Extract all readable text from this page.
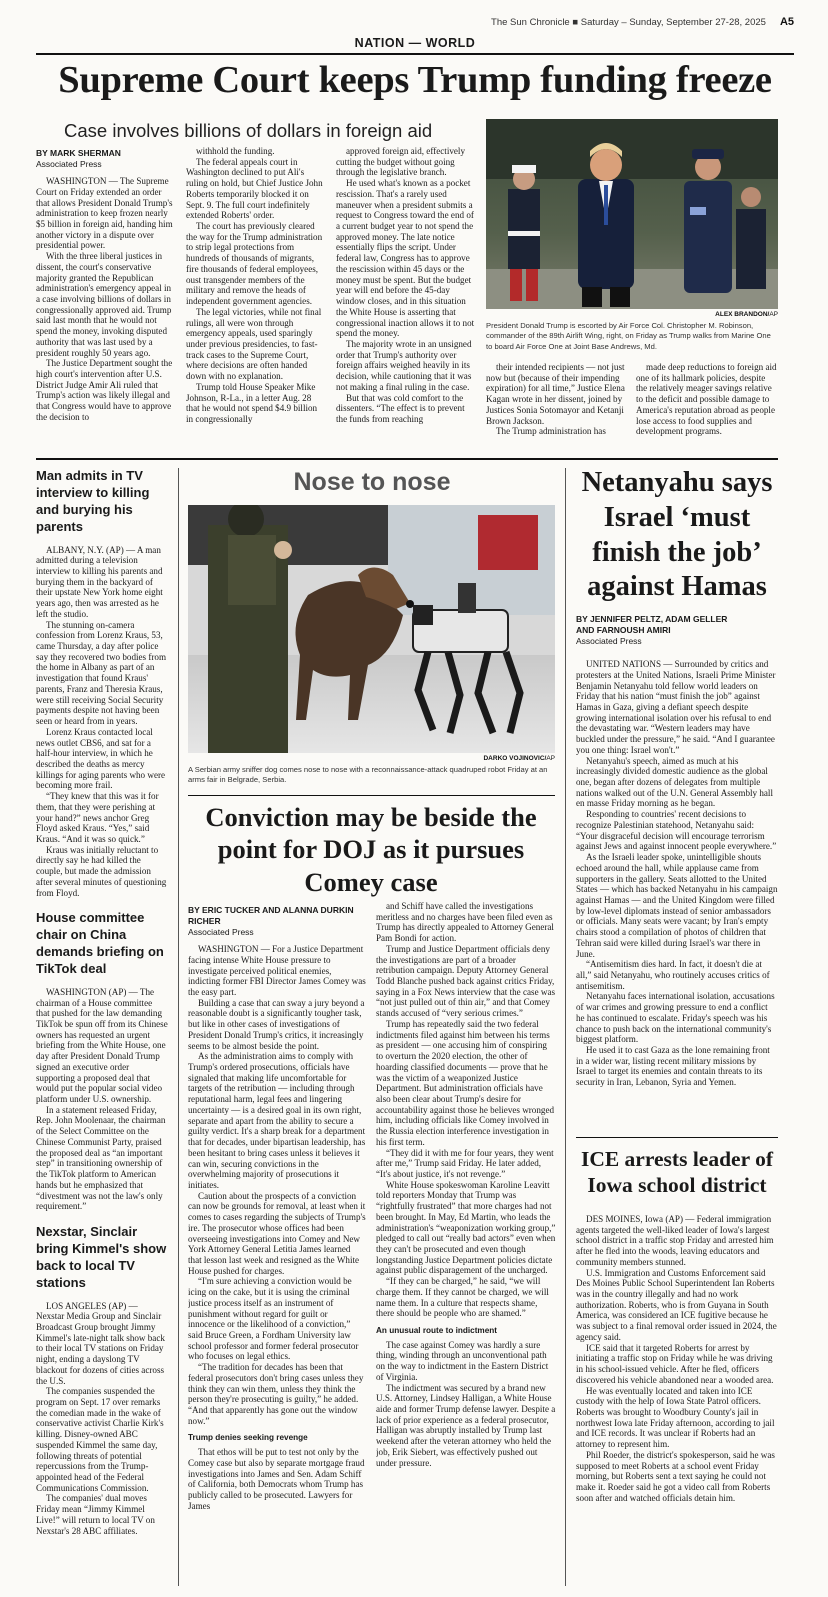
The Sun Chronicle ■ Saturday – Sunday, September 27-28, 2025 A5
NATION — WORLD
Supreme Court keeps Trump funding freeze
Case involves billions of dollars in foreign aid
BY MARK SHERMAN
Associated Press

WASHINGTON — The Supreme Court on Friday extended an order that allows President Donald Trump's administration to keep frozen nearly $5 billion in foreign aid, handing him another victory in a dispute over presidential power.

With the three liberal justices in dissent, the court's conservative majority granted the Republican administration's emergency appeal in a case involving billions of dollars in congressionally approved aid. Trump said last month that he would not spend the money, invoking disputed authority that was last used by a president roughly 50 years ago.

The Justice Department sought the high court's intervention after U.S. District Judge Amir Ali ruled that Trump's action was likely illegal and that Congress would have to approve the decision to

withhold the funding.

The federal appeals court in Washington declined to put Ali's ruling on hold, but Chief Justice John Roberts temporarily blocked it on Sept. 9. The full court indefinitely extended Roberts' order.

The court has previously cleared the way for the Trump administration to strip legal protections from hundreds of thousands of migrants, fire thousands of federal employees, oust transgender members of the military and remove the heads of independent government agencies.

The legal victories, while not final rulings, all were won through emergency appeals, used sparingly under previous presidencies, to fast-track cases to the Supreme Court, where decisions are often handed down with no explanation.

Trump told House Speaker Mike Johnson, R-La., in a letter Aug. 28 that he would not spend $4.9 billion in congressionally

approved foreign aid, effectively cutting the budget without going through the legislative branch.

He used what's known as a pocket rescission. That's a rarely used maneuver when a president submits a request to Congress toward the end of a current budget year to not spend the approved money. The late notice essentially flips the script. Under federal law, Congress has to approve the rescission within 45 days or the money must be spent. But the budget year will end before the 45-day window closes, and in this situation the White House is asserting that congressional inaction allows it to not spend the money.

The majority wrote in an unsigned order that Trump's authority over foreign affairs weighed heavily in its decision, while cautioning that it was not making a final ruling in the case.

But that was cold comfort to the dissenters. “The effect is to prevent the funds from reaching

ALEX BRANDON/AP
President Donald Trump is escorted by Air Force Col. Christopher M. Robinson, commander of the 89th Airlift Wing, right, on Friday as Trump walks from Marine One to board Air Force One at Joint Base Andrews, Md.

their intended recipients — not just now but (because of their impending expiration) for all time,” Justice Elena Kagan wrote in her dissent, joined by Justices Sonia Sotomayor and Ketanji Brown Jackson.

The Trump administration has

made deep reductions to foreign aid one of its hallmark policies, despite the relatively meager savings relative to the deficit and possible damage to America's reputation abroad as people lose access to food supplies and development programs.

Man admits in TV interview to killing and burying his parents

ALBANY, N.Y. (AP) — A man admitted during a television interview to killing his parents and burying them in the backyard of their upstate New York home eight years ago, then was arrested as he left the studio.

The stunning on-camera confession from Lorenz Kraus, 53, came Thursday, a day after police say they recovered two bodies from the home in Albany as part of an investigation that found Kraus' parents, Franz and Theresia Kraus, were still receiving Social Security payments despite not having been seen or heard from in years.

Lorenz Kraus contacted local news outlet CBS6, and sat for a half-hour interview, in which he described the deaths as mercy killings for aging parents who were becoming more frail.

“They knew that this was it for them, that they were perishing at your hand?” news anchor Greg Floyd asked Kraus. “Yes,” said Kraus. “And it was so quick.”

Kraus was initially reluctant to directly say he had killed the couple, but made the admission after several minutes of questioning from Floyd.

House committee chair on China demands briefing on TikTok deal

WASHINGTON (AP) — The chairman of a House committee that pushed for the law demanding TikTok be spun off from its Chinese owners has requested an urgent briefing from the White House, one day after President Donald Trump signed an executive order supporting a proposed deal that would put the popular social video platform under U.S. ownership.

In a statement released Friday, Rep. John Moolenaar, the chairman of the Select Committee on the Chinese Communist Party, praised the proposed deal as “an important step” in transitioning ownership of the TikTok platform to American hands but he emphasized that “divestment was not the law's only requirement.”

Nexstar, Sinclair bring Kimmel's show back to local TV stations

LOS ANGELES (AP) — Nexstar Media Group and Sinclair Broadcast Group brought Jimmy Kimmel's late-night talk show back to their local TV stations on Friday night, ending a dayslong TV blackout for dozens of cities across the U.S.

The companies suspended the program on Sept. 17 over remarks the comedian made in the wake of conservative activist Charlie Kirk's killing. Disney-owned ABC suspended Kimmel the same day, following threats of potential repercussions from the Trump-appointed head of the Federal Communications Commission.

The companies' dual moves Friday mean “Jimmy Kimmel Live!” will return to local TV on Nexstar's 28 ABC affiliates.

Nose to nose
DARKO VOJINOVIC/AP
A Serbian army sniffer dog comes nose to nose with a reconnaissance-attack quadruped robot Friday at an arms fair in Belgrade, Serbia.
Conviction may be beside the point for DOJ as it pursues Comey case
BY ERIC TUCKER AND ALANNA DURKIN RICHER
Associated Press

WASHINGTON — For a Justice Department facing intense White House pressure to investigate perceived political enemies, indicting former FBI Director James Comey was the easy part.

Building a case that can sway a jury beyond a reasonable doubt is a significantly tougher task, but like in other cases of investigations of President Donald Trump's critics, it increasingly seems to be almost beside the point.

As the administration aims to comply with Trump's ordered prosecutions, officials have signaled that making life uncomfortable for targets of the retribution — including through reputational harm, legal fees and lingering uncertainty — is a desired goal in its own right, separate and apart from the ability to secure a guilty verdict. It's a sharp break for a department that for decades, under bipartisan leadership, has been hesitant to bring cases unless it believes it can win, securing convictions in the overwhelming majority of prosecutions it initiates.

Caution about the prospects of a conviction can now be grounds for removal, at least when it comes to cases regarding the subjects of Trump's ire. The prosecutor whose offices had been overseeing investigations into Comey and New York Attorney General Letitia James learned that lesson last week and resigned as the White House pushed for charges.

“I'm sure achieving a conviction would be icing on the cake, but it is using the criminal justice process itself as an instrument of punishment without regard for guilt or innocence or the likelihood of a conviction,” said Bruce Green, a Fordham University law school professor and former federal prosecutor who focuses on legal ethics.

“The tradition for decades has been that federal prosecutors don't bring cases unless they think they can win them, unless they think the person they're prosecuting is guilty,” he added. “And that apparently has gone out the window now.”

Trump denies seeking revenge

That ethos will be put to test not only by the Comey case but also by separate mortgage fraud investigations into James and Sen. Adam Schiff of California, both Democrats whom Trump has publicly called to be prosecuted. Lawyers for James

and Schiff have called the investigations meritless and no charges have been filed even as Trump has directly appealed to Attorney General Pam Bondi for action.

Trump and Justice Department officials deny the investigations are part of a broader retribution campaign. Deputy Attorney General Todd Blanche pushed back against critics Friday, saying in a Fox News interview that the case was “not just pulled out of thin air,” and that Comey stands accused of “very serious crimes.”

Trump has repeatedly said the two federal indictments filed against him between his terms as president — one accusing him of conspiring to overturn the 2020 election, the other of hoarding classified documents — prove that he was the victim of a weaponized Justice Department. But administration officials have also been clear about Trump's desire for accountability against those he believes wronged him, including officials like Comey involved in the Russia election interference investigation in his first term.

“They did it with me for four years, they went after me,” Trump said Friday. He later added, “It's about justice, it's not revenge.”

White House spokeswoman Karoline Leavitt told reporters Monday that Trump was “rightfully frustrated” that more charges had not been brought. In May, Ed Martin, who leads the administration's “weaponization working group,” pledged to call out “really bad actors” even when they can't be prosecuted and even though longstanding Justice Department policies dictate against public disparagement of the uncharged.

“If they can be charged,” he said, “we will charge them. If they cannot be charged, we will name them. In a culture that respects shame, there should be people who are shamed.”

An unusual route to indictment

The case against Comey was hardly a sure thing, winding through an unconventional path on the way to indictment in the Eastern District of Virginia.

The indictment was secured by a brand new U.S. Attorney, Lindsey Halligan, a White House aide and former Trump defense lawyer. Despite a lack of prior experience as a federal prosecutor, Halligan was abruptly installed by Trump last weekend after the veteran attorney who held the job, Erik Siebert, was effectively pushed out under pressure.

Netanyahu says Israel ‘must finish the job’ against Hamas
BY JENNIFER PELTZ, ADAM GELLER
AND FARNOUSH AMIRI
Associated Press

UNITED NATIONS — Surrounded by critics and protesters at the United Nations, Israeli Prime Minister Benjamin Netanyahu told fellow world leaders on Friday that his nation “must finish the job” against Hamas in Gaza, giving a defiant speech despite growing international isolation over his refusal to end the devastating war. “Western leaders may have buckled under the pressure,” he said. “And I guarantee you one thing: Israel won't.”

Netanyahu's speech, aimed as much at his increasingly divided domestic audience as the global one, began after dozens of delegates from multiple nations walked out of the U.N. General Assembly hall en masse Friday morning as he began.

Responding to countries' recent decisions to recognize Palestinian statehood, Netanyahu said: “Your disgraceful decision will encourage terrorism against Jews and against innocent people everywhere.”

As the Israeli leader spoke, unintelligible shouts echoed around the hall, while applause came from supporters in the gallery. Seats allotted to the United States — which has backed Netanyahu in his campaign against Hamas — and the United Kingdom were filled by low-level diplomats instead of senior ambassadors or officials. Many seats were vacant; by Iran's empty chairs stood a compilation of photos of children that Tehran said were killed during Israel's war there in June.

“Antisemitism dies hard. In fact, it doesn't die at all,” said Netanyahu, who routinely accuses critics of antisemitism.

Netanyahu faces international isolation, accusations of war crimes and growing pressure to end a conflict he has continued to escalate. Friday's speech was his chance to push back on the international community's biggest platform.

He used it to cast Gaza as the lone remaining front in a wider war, listing recent military missions by Israel to target its enemies and contain threats to its security in Iran, Lebanon, Syria and Yemen.

ICE arrests leader of Iowa school district

DES MOINES, Iowa (AP) — Federal immigration agents targeted the well-liked leader of Iowa's largest school district in a traffic stop Friday and arrested him after he fled into the woods, leaving educators and community members stunned.

U.S. Immigration and Customs Enforcement said Des Moines Public School Superintendent Ian Roberts was in the country illegally and had no work authorization. Roberts, who is from Guyana in South America, was considered an ICE fugitive because he was subject to a final removal order issued in 2024, the agency said.

ICE said that it targeted Roberts for arrest by initiating a traffic stop on Friday while he was driving in his school-issued vehicle. After he fled, officers discovered his vehicle abandoned near a wooded area.

He was eventually located and taken into ICE custody with the help of Iowa State Patrol officers. Roberts was brought to Woodbury County's jail in northwest Iowa late Friday afternoon, according to jail and ICE records. It was unclear if Roberts had an attorney to represent him.

Phil Roeder, the district's spokesperson, said he was supposed to meet Roberts at a school event Friday morning, but Roberts sent a text saying he could not make it. Roeder said he got a video call from Roberts soon after and watched officials detain him.
